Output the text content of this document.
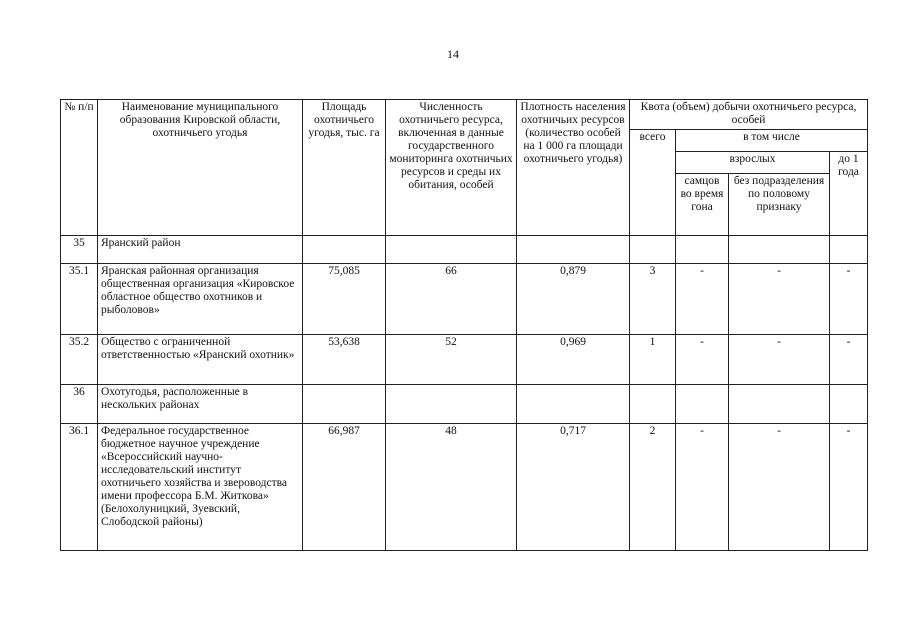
14
№ п/п	Наименование муниципального образования Кировской области, охотничьего угодья	Площадь охотничьего угодья, тыс. га	Численность охотничьего ресурса, включенная в данные государственного мониторинга охотничьих ресурсов и среды их обитания, особей	Плотность населения охотничьих ресурсов (количество особей на 1 000 га площади охотничьего угодья)	Квота (объем) добычи охотничьего ресурса, особей			
					всего	в том числе		
						взрослых		до 1 года
						самцов во время гона	без подразделения по половому признаку	
35	Яранский район							
35.1	Яранская районная организация общественная организация «Кировское областное общество охотников и рыболовов»	75,085	66	0,879	3	-	-	-
35.2	Общество с ограниченной ответственностью «Яранский охотник»	53,638	52	0,969	1	-	-	-
36	Охотугодья, расположенные в нескольких районах							
36.1	Федеральное государственное бюджетное научное учреждение «Всероссийский научно-исследовательский институт охотничьего хозяйства и звероводства имени профессора Б.М. Житкова» (Белохолуницкий, Зуевский, Слободской районы)	66,987	48	0,717	2	-	-	-
